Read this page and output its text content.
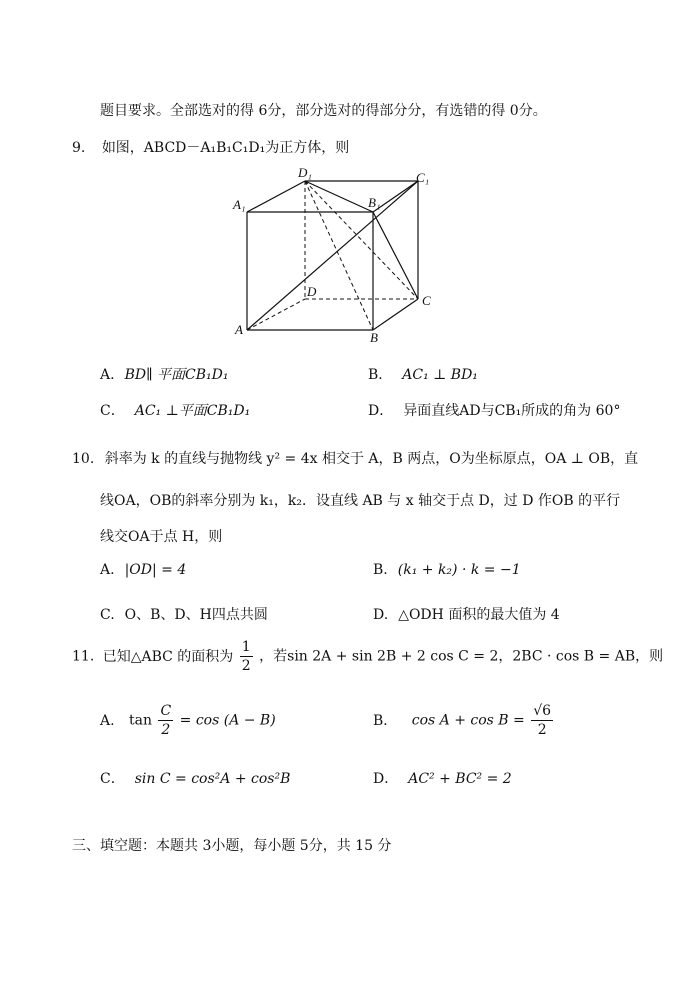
题目要求。全部选对的得 6分，部分选对的得部分分，有选错的得 0分。
9. 如图，ABCD－A₁B₁C₁D₁为正方体，则
A₁
D₁	C₁
B₁
D
C
A
B
A. BD∥ 平面CB₁D₁	B． AC₁ ⊥ BD₁
C． AC₁ ⊥平面CB₁D₁	D． 异面直线AD与CB₁所成的角为 60°
10. 斜率为 k 的直线与抛物线 y² = 4x 相交于 A，B 两点，O为坐标原点，OA ⊥ OB，直
线OA，OB的斜率分别为 k₁，k₂．设直线 AB 与 x 轴交于点 D，过 D 作OB 的平行
线交OA于点 H，则
A. |OD| = 4	B. (k₁ + k₂) · k = −1
C. O、B、D、H四点共圆	D. △ODH 面积的最大值为 4
11. 已知△ABC 的面积为 $\frac{1}{2}$ ，若sin 2A + sin 2B + 2 cos C = 2，2BC · cos B = AB，则
A. $\tan \frac{C}{2} = \cos (A - B)$	B． $\cos A + \cos B = \frac{√6}{2}$
C． sin C = cos²A + cos²B	D． AC² + BC² = 2
三、填空题：本题共 3小题，每小题 5分，共 15 分
